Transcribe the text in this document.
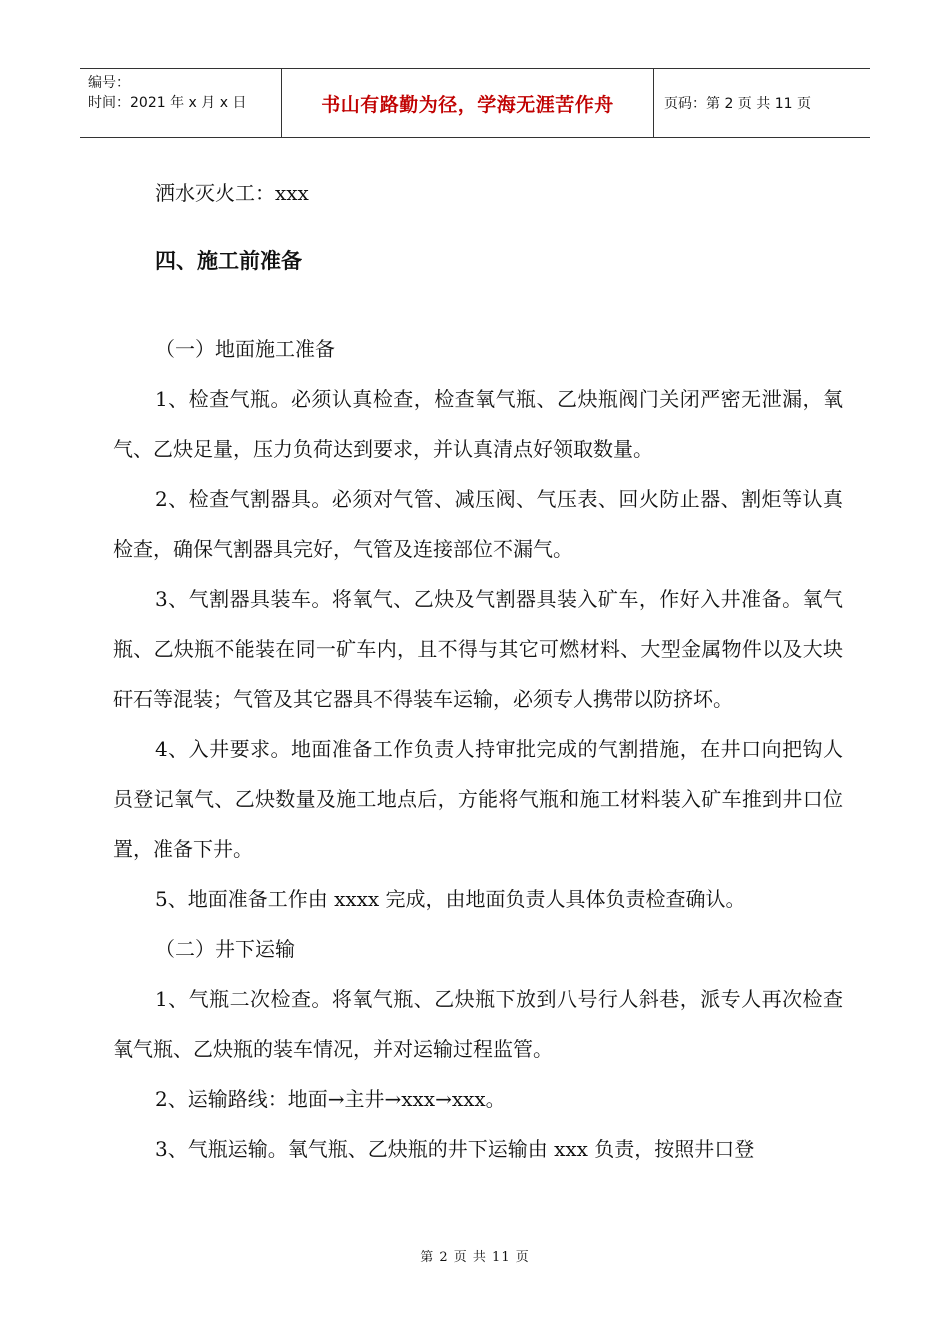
编号：
时间：2021 年 x 月 x 日	书山有路勤为径，学海无涯苦作舟	页码：第 2 页 共 11 页

洒水灭火工：xxx

四、施工前准备

（一）地面施工准备

1、检查气瓶。必须认真检查，检查氧气瓶、乙炔瓶阀门关闭严密无泄漏，氧气、乙炔足量，压力负荷达到要求，并认真清点好领取数量。

2、检查气割器具。必须对气管、减压阀、气压表、回火防止器、割炬等认真检查，确保气割器具完好，气管及连接部位不漏气。

3、气割器具装车。将氧气、乙炔及气割器具装入矿车，作好入井准备。氧气瓶、乙炔瓶不能装在同一矿车内，且不得与其它可燃材料、大型金属物件以及大块矸石等混装；气管及其它器具不得装车运输，必须专人携带以防挤坏。

4、入井要求。地面准备工作负责人持审批完成的气割措施，在井口向把钩人员登记氧气、乙炔数量及施工地点后，方能将气瓶和施工材料装入矿车推到井口位置，准备下井。

5、地面准备工作由 xxxx 完成，由地面负责人具体负责检查确认。

（二）井下运输

1、气瓶二次检查。将氧气瓶、乙炔瓶下放到八号行人斜巷，派专人再次检查氧气瓶、乙炔瓶的装车情况，并对运输过程监管。

2、运输路线：地面→主井→xxx→xxx。

3、气瓶运输。氧气瓶、乙炔瓶的井下运输由 xxx 负责，按照井口登

第 2 页 共 11 页
